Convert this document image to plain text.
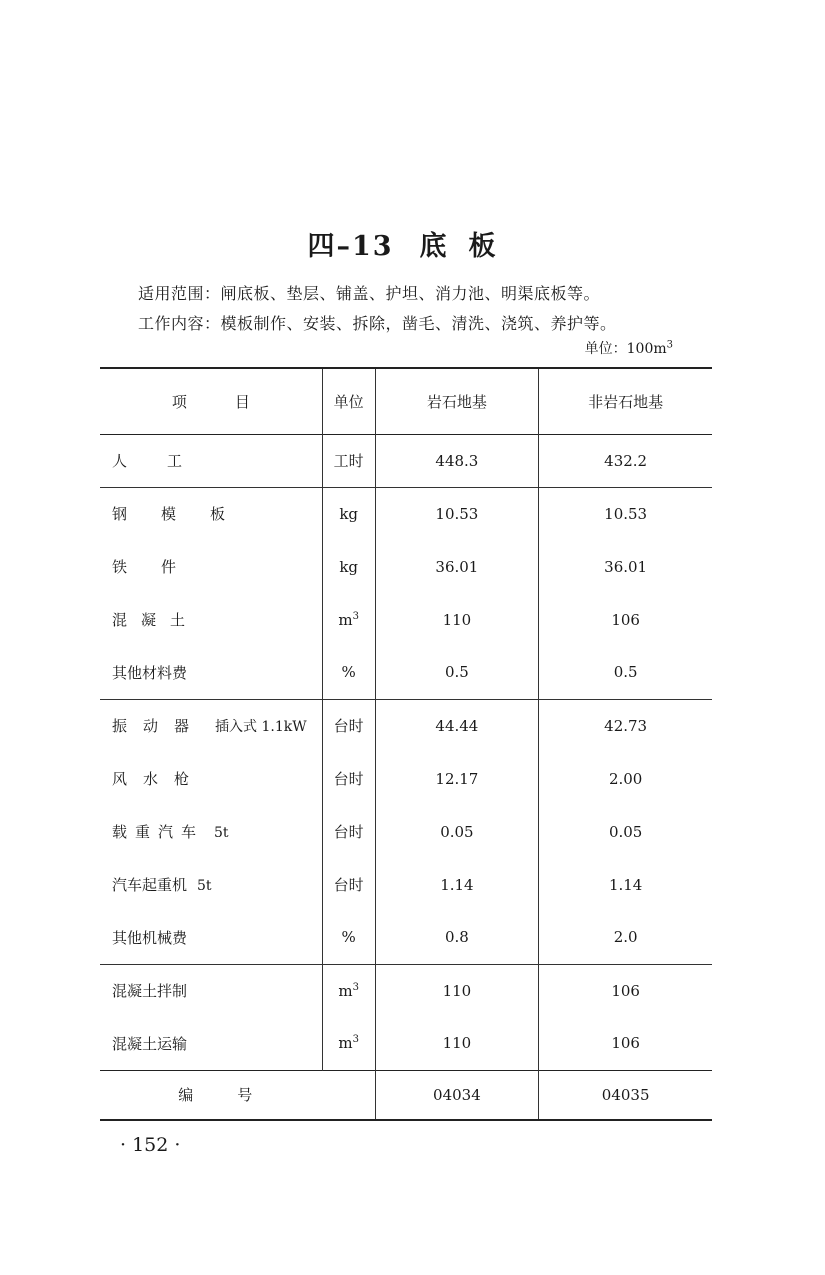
四–13 底板
适用范围：闸底板、垫层、铺盖、护坦、消力池、明渠底板等。
工作内容：模板制作、安装、拆除，凿毛、清洗、浇筑、养护等。
单位：$100m^3$
项 目	单位	岩石地基	非岩石地基
人工	工时	448.3	432.2
钢模板	kg	10.53	10.53
铁件	kg	36.01	36.01
混凝土	$m^3$	110	106
其他材料费	%	0.5	0.5
振动器 插入式 1.1kW	台时	44.44	42.73
风水枪	台时	12.17	2.00
载重汽车 5t	台时	0.05	0.05
汽车起重机 5t	台时	1.14	1.14
其他机械费	%	0.8	2.0
混凝土拌制	$m^3$	110	106
混凝土运输	$m^3$	110	106
编号		04034	04035
· 152 ·
